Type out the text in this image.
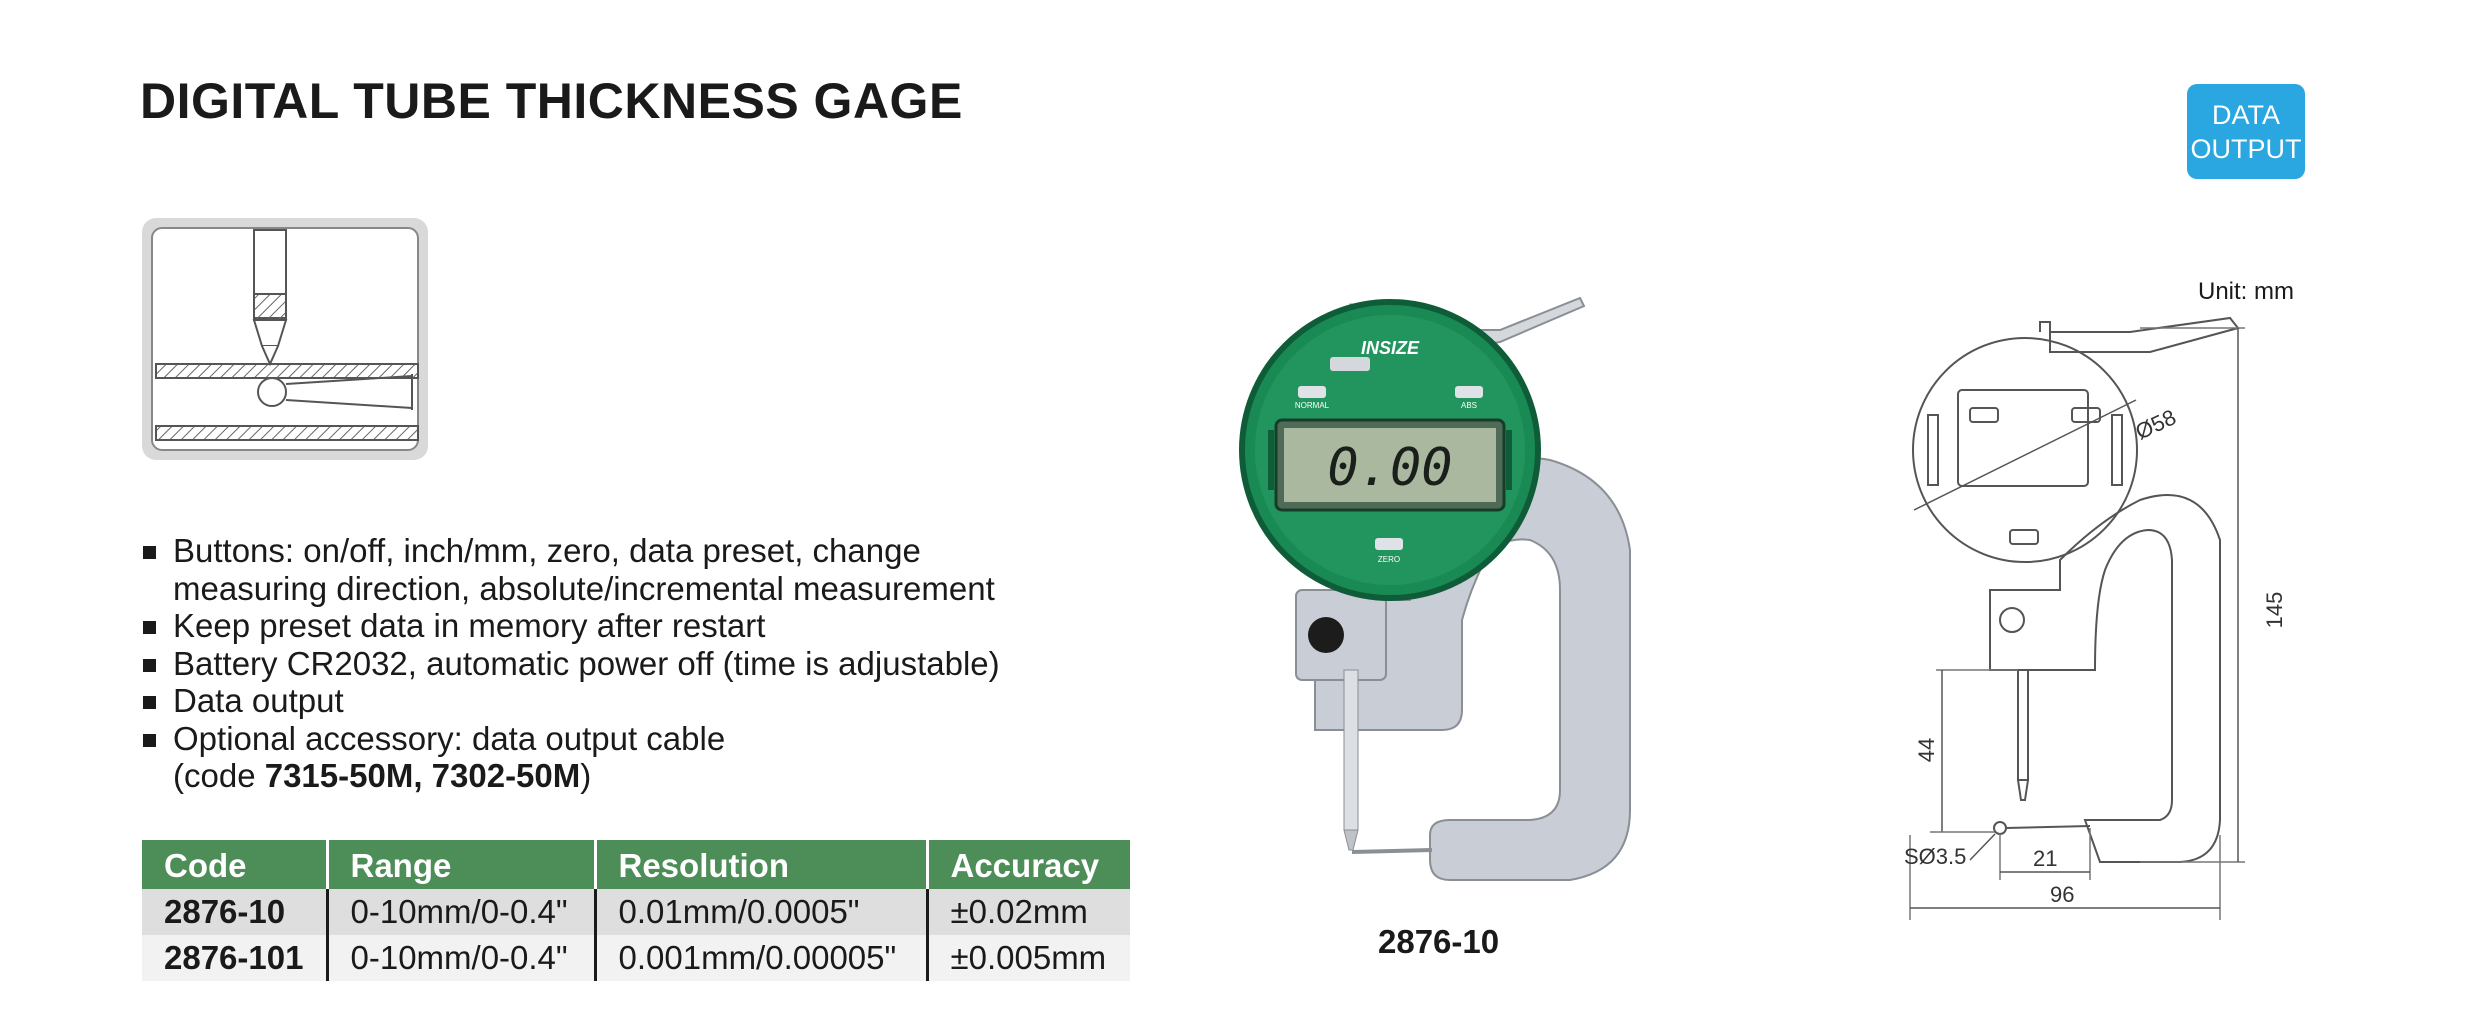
DIGITAL TUBE THICKNESS GAGE	DATA
OUTPUT
Buttons: on/off, inch/mm, zero, data preset, change
measuring direction, absolute/incremental measurement
Keep preset data in memory after restart
Battery CR2032, automatic power off (time is adjustable)
Data output
Optional accessory: data output cable
(code 7315-50M, 7302-50M)
Code	Range	Resolution	Accuracy
2876-10	0-10mm/0-0.4"	0.01mm/0.0005"	±0.02mm
2876-101	0-10mm/0-0.4"	0.001mm/0.00005"	±0.005mm
INSIZE
NORMAL	ABS
ZERO
0.00
2876-10
Unit: mm
Ø58
145
44
SØ3.5	21
96
